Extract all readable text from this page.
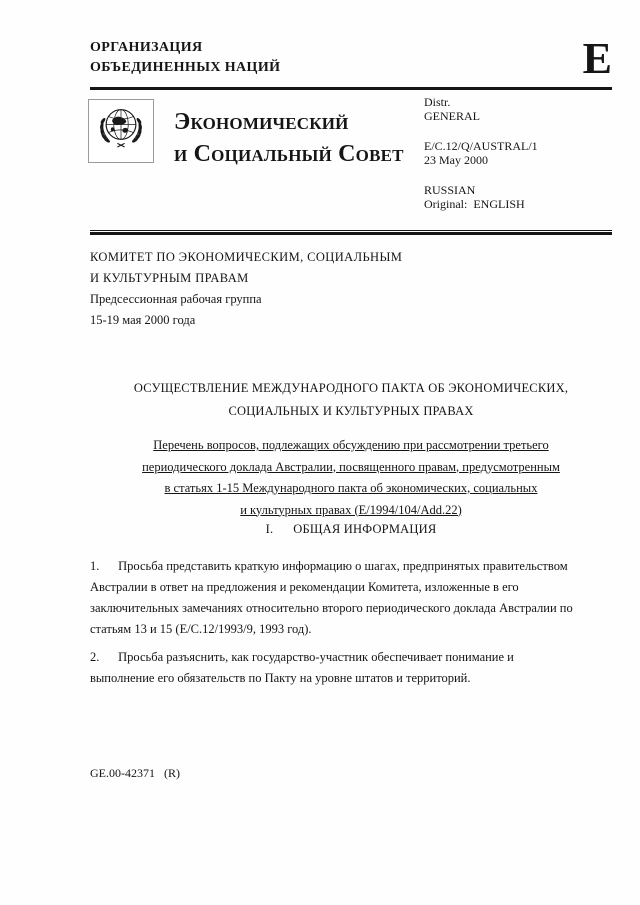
ОРГАНИЗАЦИЯ
ОБЪЕДИНЕННЫХ НАЦИЙ	E
Экономический
и Социальный Совет
Distr.
GENERAL
E/C.12/Q/AUSTRAL/1
23 May 2000
RUSSIAN
Original:  ENGLISH
КОМИТЕТ ПО ЭКОНОМИЧЕСКИМ, СОЦИАЛЬНЫМ
И КУЛЬТУРНЫМ ПРАВАМ
Предсессионная рабочая группа
15-19 мая 2000 года
ОСУЩЕСТВЛЕНИЕ МЕЖДУНАРОДНОГО ПАКТА ОБ ЭКОНОМИЧЕСКИХ,
СОЦИАЛЬНЫХ И КУЛЬТУРНЫХ ПРАВАХ
Перечень вопросов, подлежащих обсуждению при рассмотрении третьего
периодического доклада Австралии, посвященного правам, предусмотренным
в статьях 1-15 Международного пакта об экономических, социальных
и культурных правах (E/1994/104/Add.22)
I.      ОБЩАЯ ИНФОРМАЦИЯ
1.      Просьба представить краткую информацию о шагах, предпринятых правительством
Австралии в ответ на предложения и рекомендации Комитета, изложенные в его
заключительных замечаниях относительно второго периодического доклада Австралии по
статьям 13 и 15 (E/C.12/1993/9, 1993 год).
2.      Просьба разъяснить, как государство-участник обеспечивает понимание и
выполнение его обязательств по Пакту на уровне штатов и территорий.
GE.00-42371   (R)
